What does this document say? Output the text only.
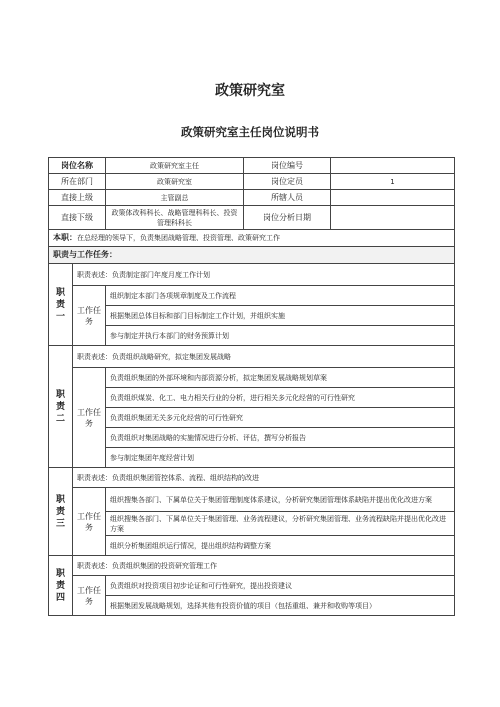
政策研究室
政策研究室主任岗位说明书
岗位名称		政策研究室主任	岗位编号	
所在部门		政策研究室	岗位定员	1
直接上级		主管副总	所辖人员	
直接下级		政策体改科科长、战略管理科科长、投资管理科科长	岗位分析日期	
本职：在总经理的领导下，负责集团战略管理、投资管理、政策研究工作				
职责与工作任务：				
职责一	职责表述：负责制定部门年度月度工作计划			
	工作任务	组织制定本部门各项规章制度及工作流程		
		根据集团总体目标和部门目标制定工作计划，并组织实施		
		参与制定并执行本部门的财务预算计划		
职责二	职责表述：负责组织战略研究，拟定集团发展战略			
	工作任务	负责组织集团的外部环境和内部资源分析，拟定集团发展战略规划草案		
		负责组织煤炭、化工、电力相关行业的分析，进行相关多元化经营的可行性研究		
		负责组织集团无关多元化经营的可行性研究		
		负责组织对集团战略的实施情况进行分析、评估，撰写分析报告		
		参与制定集团年度经营计划		
职责三	职责表述：负责组织集团管控体系、流程、组织结构的改进			
	工作任务	组织搜集各部门、下属单位关于集团管理制度体系建议，分析研究集团管理体系缺陷并提出优化改进方案		
		组织搜集各部门、下属单位关于集团管理、业务流程建议，分析研究集团管理、业务流程缺陷并提出优化改进方案		
		组织分析集团组织运行情况，提出组织结构调整方案		
职责四	职责表述：负责组织集团的投资研究管理工作			
	工作任务	负责组织对投资项目初步论证和可行性研究，提出投资建议		
		根据集团发展战略规划，选择其他有投资价值的项目（包括重组、兼并和收购等项目）		
